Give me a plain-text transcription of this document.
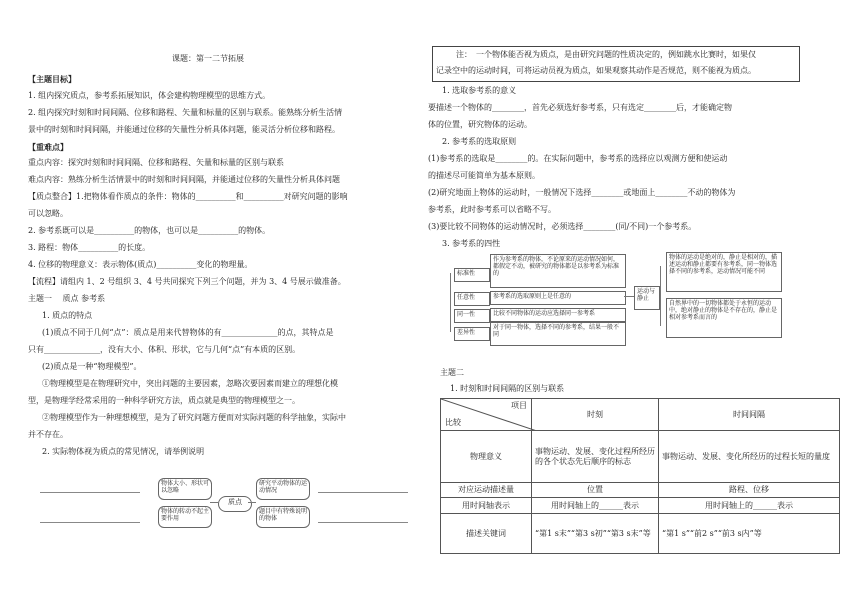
课题：第一二节拓展
【主题目标】
1. 组内探究质点，参考系拓展知识，体会建构物理模型的思维方式。
2. 组内探究时刻和时间间隔、位移和路程、矢量和标量的区别与联系。能熟练分析生活情
景中的时刻和时间间隔，并能通过位移的矢量性分析具体问题，能灵活分析位移和路程。
【重难点】
重点内容：探究时刻和时间间隔、位移和路程、矢量和标量的区别与联系
难点内容：熟练分析生活情景中的时刻和时间间隔，并能通过位移的矢量性分析具体问题
【质点整合】1.把物体看作质点的条件：物体的__________和__________对研究问题的影响
可以忽略。
2. 参考系既可以是__________的物体，也可以是__________的物体。
3. 路程：物体__________的长度。
4. 位移的物理意义：表示物体(质点)__________变化的物理量。
【流程】请组内 1、2 号组织 3、4 号共同探究下列三个问题，并为 3、4 号展示做准备。
主题一　 质点 参考系
1. 质点的特点
(1)质点不同于几何“点”：质点是用来代替物体的有______________的点，其特点是
只有______________，没有大小、体积、形状，它与几何“点”有本质的区别。
(2)质点是一种“物理模型”。
①物理模型是在物理研究中，突出问题的主要因素，忽略次要因素而建立的理想化模
型，是物理学经常采用的一种科学研究方法，质点就是典型的物理模型之一。
②物理模型作为一种理想模型，是为了研究问题方便而对实际问题的科学抽象，实际中
并不存在。
2. 实际物体视为质点的常见情况，请举例说明
物体大小、形状可以忽略
物体的转动不起主要作用
质点
研究平动物体的运动情况
题目中有特殊说明的物体
注：　一个物体能否视为质点，是由研究问题的性质决定的，例如跳水比赛时，如果仅
记录空中的运动时间，可将运动员视为质点，如果观察其动作是否规范，则不能视为质点。
1. 选取参考系的意义
要描述一个物体的________，首先必须选好参考系，只有选定________后，才能确定物
体的位置，研究物体的运动。
2. 参考系的选取原则
(1)参考系的选取是________的。在实际问题中，参考系的选择应以观测方便和使运动
的描述尽可能简单为基本原则。
(2)研究地面上物体的运动时，一般情况下选择________或地面上________不动的物体为
参考系，此时参考系可以省略不写。
(3)要比较不同物体的运动情况时，必须选择________(同/不同)一个参考系。
3. 参考系的四性
标准性
作为参考系的物体，不论原来的运动情况如何，都假定不动，被研究的物体都是以参考系为标准的
任意性	参考系的选取原则上是任意的
同一性	比较不同物体的运动应选择同一参考系
差异性
对于同一物体，选择不同的参考系，结果一般不同
运动与静止
物体的运动是绝对的，静止是相对的，描述运动和静止都要有参考系，同一物体选择不同的参考系，运动情况可能不同
自然界中的一切物体都处于永恒的运动中，绝对静止的物体是不存在的，静止是相对参考系而言的
主题二
1. 时刻和时间间隔的区别与联系
项目
比较	时刻	时间间隔
物理意义	事物运动、发展、变化过程所经历的各个状态先后顺序的标志	事物运动、发展、变化所经历的过程长短的量度
对应运动描述量	位置	路程、位移
用时间轴表示	用时间轴上的______表示	用时间轴上的______表示
描述关键词	“第1 s末”“第3 s初”“第3 s末”等	“第1 s”“前2 s”“前3 s内”等
